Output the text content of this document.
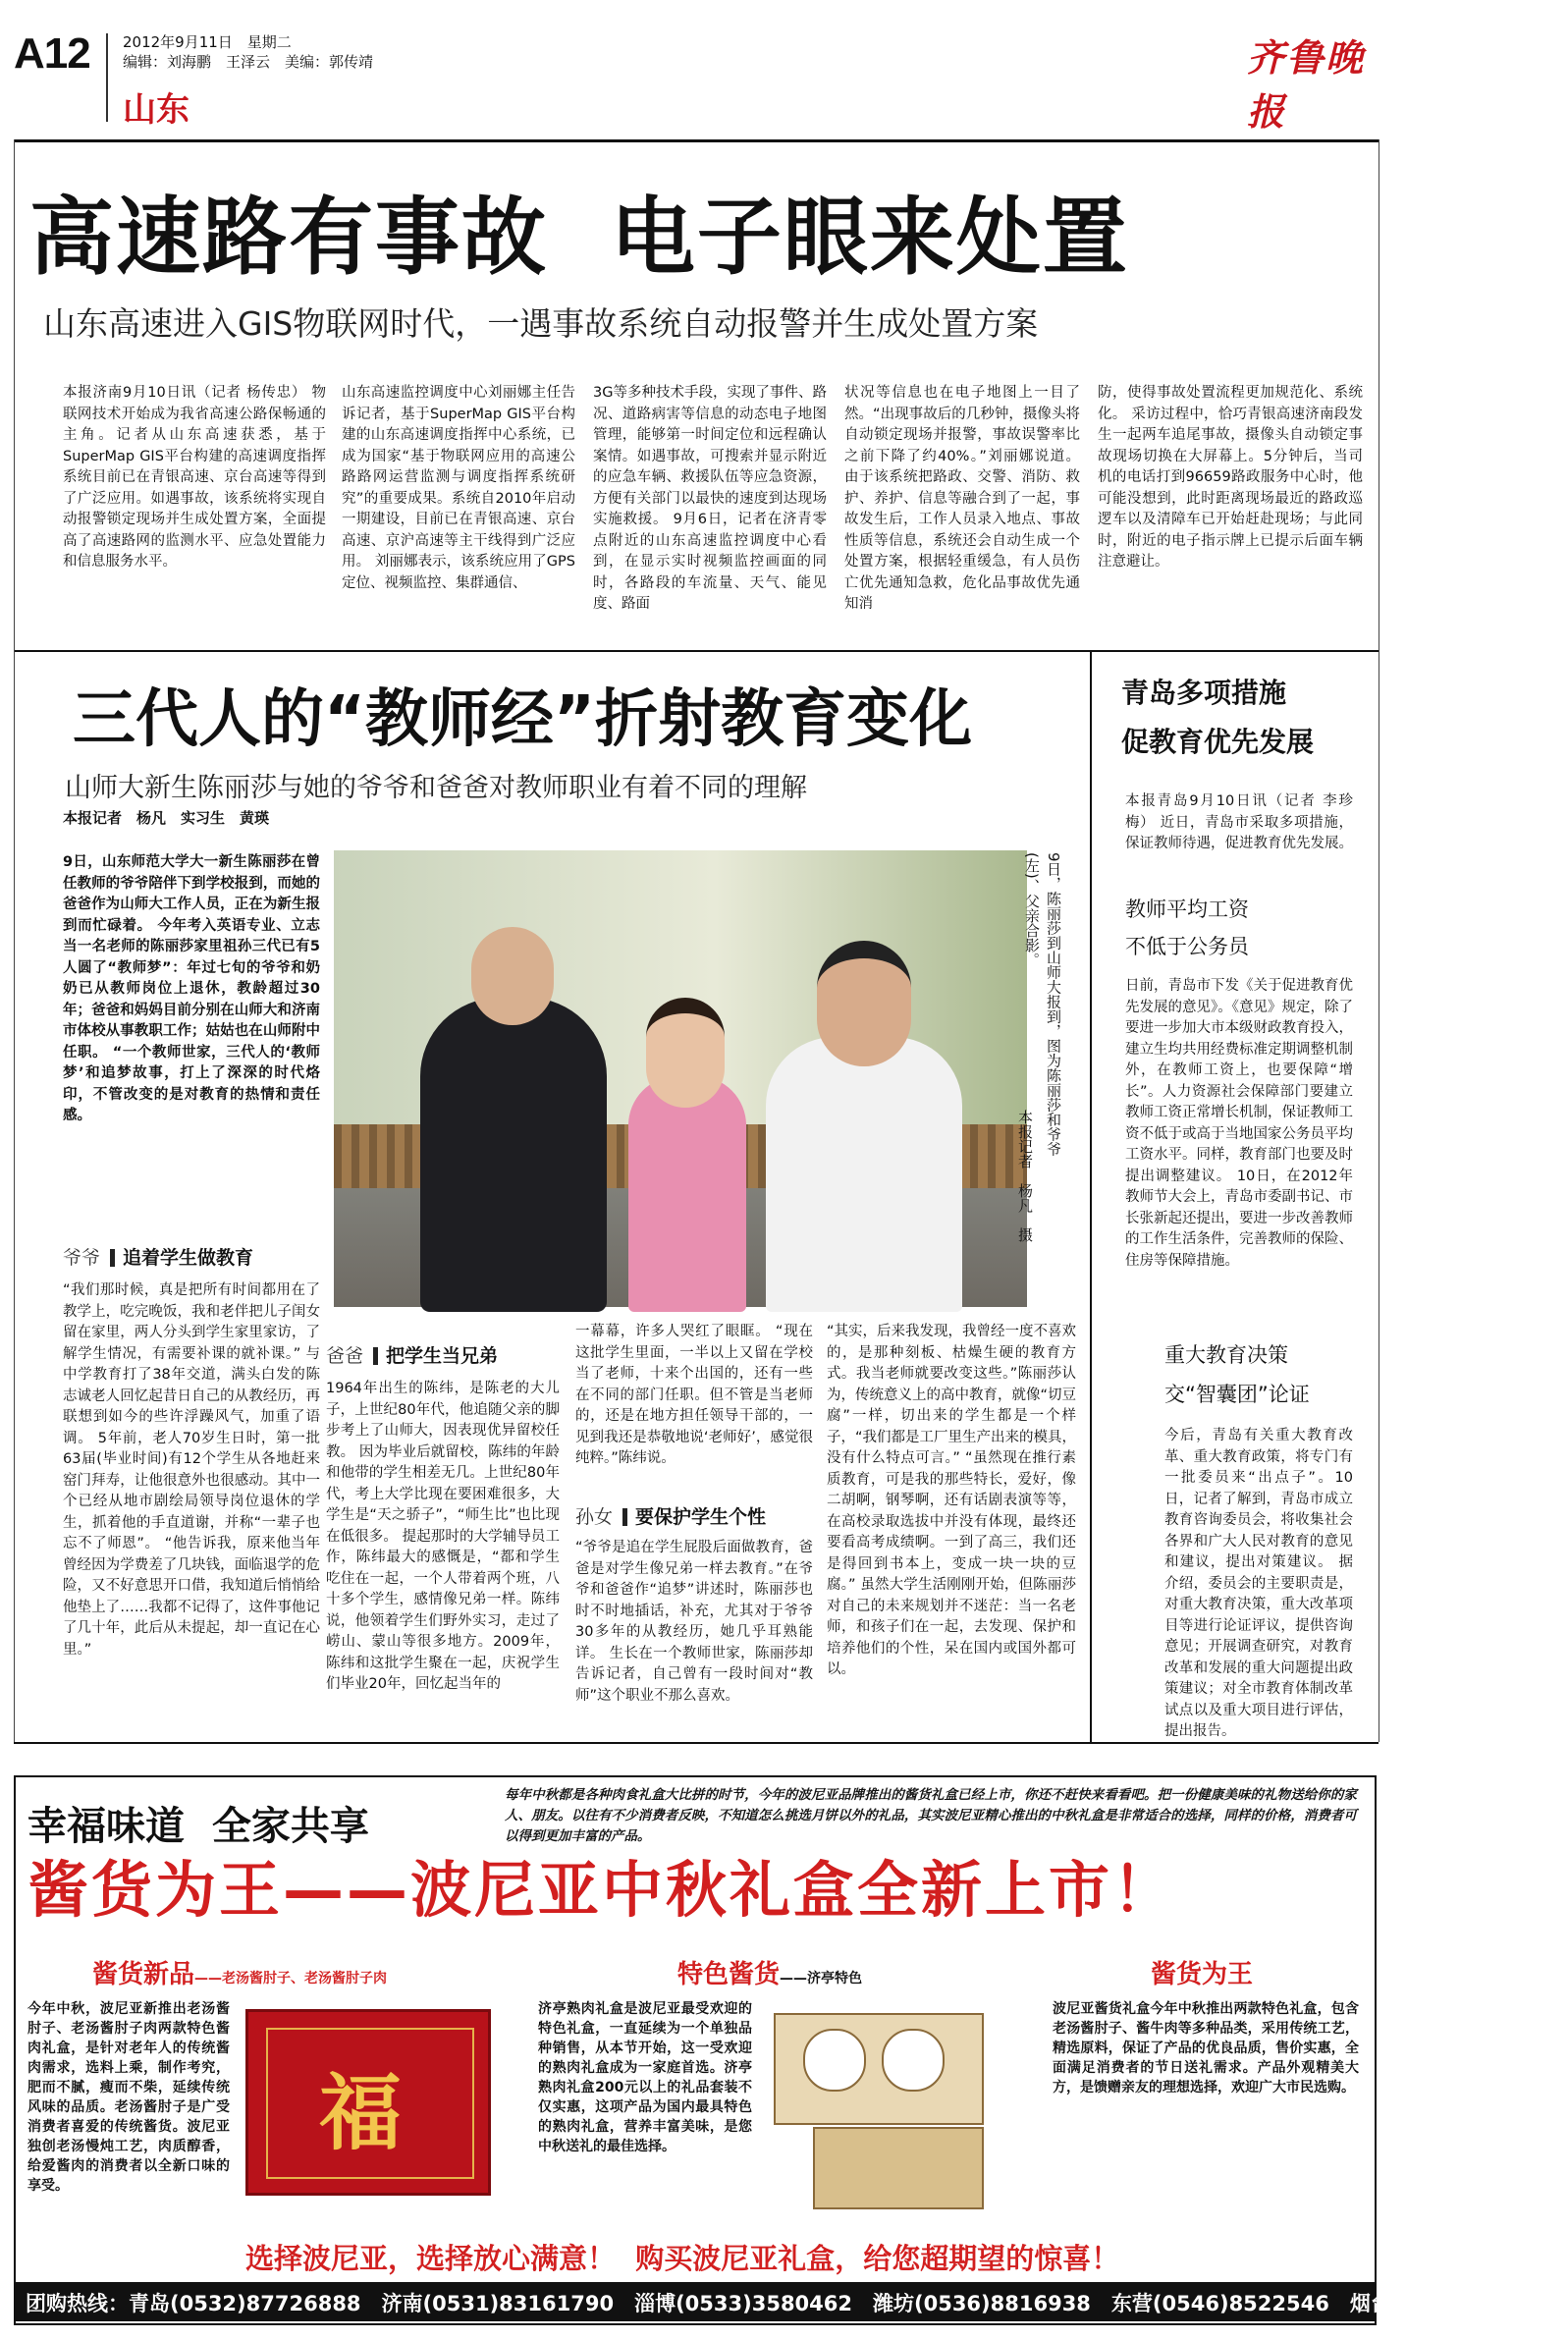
A12 2012年9月11日　星期二
编辑：刘海鹏　王泽云　美编：郭传靖
山东
齐鲁晚报
高速路有事故  电子眼来处置
山东高速进入GIS物联网时代，一遇事故系统自动报警并生成处置方案
本报济南9月10日讯（记者 杨传忠） 物联网技术开始成为我省高速公路保畅通的主角。记者从山东高速获悉，基于SuperMap GIS平台构建的高速调度指挥系统目前已在青银高速、京台高速等得到了广泛应用。如遇事故，该系统将实现自动报警锁定现场并生成处置方案，全面提高了高速路网的监测水平、应急处置能力和信息服务水平。
山东高速监控调度中心刘丽娜主任告诉记者，基于SuperMap GIS平台构建的山东高速调度指挥中心系统，已成为国家“基于物联网应用的高速公路路网运营监测与调度指挥系统研究”的重要成果。系统自2010年启动一期建设，目前已在青银高速、京台高速、京沪高速等主干线得到广泛应用。 刘丽娜表示，该系统应用了GPS定位、视频监控、集群通信、
3G等多种技术手段，实现了事件、路况、道路病害等信息的动态电子地图管理，能够第一时间定位和远程确认案情。如遇事故，可搜索并显示附近的应急车辆、救援队伍等应急资源，方便有关部门以最快的速度到达现场实施救援。 9月6日，记者在济青零点附近的山东高速监控调度中心看到，在显示实时视频监控画面的同时，各路段的车流量、天气、能见度、路面
状况等信息也在电子地图上一目了然。“出现事故后的几秒钟，摄像头将自动锁定现场并报警，事故误警率比之前下降了约40%。”刘丽娜说道。 由于该系统把路政、交警、消防、救护、养护、信息等融合到了一起，事故发生后，工作人员录入地点、事故性质等信息，系统还会自动生成一个处置方案，根据轻重缓急，有人员伤亡优先通知急救，危化品事故优先通知消
防，使得事故处置流程更加规范化、系统化。 采访过程中，恰巧青银高速济南段发生一起两车追尾事故，摄像头自动锁定事故现场切换在大屏幕上。5分钟后，当司机的电话打到96659路政服务中心时，他可能没想到，此时距离现场最近的路政巡逻车以及清障车已开始赶赴现场；与此同时，附近的电子指示牌上已提示后面车辆注意避让。
三代人的“教师经”折射教育变化
山师大新生陈丽莎与她的爷爷和爸爸对教师职业有着不同的理解
本报记者　杨凡　实习生　黄瑛
9日，山东师范大学大一新生陈丽莎在曾任教师的爷爷陪伴下到学校报到，而她的爸爸作为山师大工作人员，正在为新生报到而忙碌着。 今年考入英语专业、立志当一名老师的陈丽莎家里祖孙三代已有5人圆了“教师梦”：年过七旬的爷爷和奶奶已从教师岗位上退休，教龄超过30年；爸爸和妈妈目前分别在山师大和济南市体校从事教职工作；姑姑也在山师附中任职。 “一个教师世家，三代人的‘教师梦’和追梦故事，打上了深深的时代烙印，不管改变的是对教育的热情和责任感。	9日，陈丽莎到山师大报到，图为陈丽莎和爷爷(左)、父亲合影。
本报记者　杨凡　摄
爷爷 追着学生做教育
“我们那时候，真是把所有时间都用在了教学上，吃完晚饭，我和老伴把儿子闺女留在家里，两人分头到学生家里家访，了解学生情况，有需要补课的就补课。” 与中学教育打了38年交道，满头白发的陈志诚老人回忆起昔日自己的从教经历，再联想到如今的些许浮躁风气，加重了语调。 5年前，老人70岁生日时，第一批63届(毕业时间)有12个学生从各地赶来窑门拜寿，让他很意外也很感动。其中一个已经从地市剧绘局领导岗位退休的学生，抓着他的手直道谢，并称“一辈子也忘不了师恩”。 “他告诉我，原来他当年曾经因为学费差了几块钱，面临退学的危险，又不好意思开口借，我知道后悄悄给他垫上了……我都不记得了，这件事他记了几十年，此后从未提起，却一直记在心里。”
爸爸 把学生当兄弟
1964年出生的陈纬，是陈老的大儿子，上世纪80年代，他追随父亲的脚步考上了山师大，因表现优异留校任教。 因为毕业后就留校，陈纬的年龄和他带的学生相差无几。上世纪80年代，考上大学比现在要困难很多，大学生是“天之骄子”，“师生比”也比现在低很多。 提起那时的大学辅导员工作，陈纬最大的感慨是，“都和学生吃住在一起，一个人带着两个班，八十多个学生，感情像兄弟一样。陈纬说，他领着学生们野外实习，走过了崂山、蒙山等很多地方。2009年，陈纬和这批学生聚在一起，庆祝学生们毕业20年，回忆起当年的
一幕幕，许多人哭红了眼眶。 “现在这批学生里面，一半以上又留在学校当了老师，十来个出国的，还有一些在不同的部门任职。但不管是当老师的，还是在地方担任领导干部的，一见到我还是恭敬地说‘老师好’，感觉很纯粹。”陈纬说。
孙女 要保护学生个性
“爷爷是追在学生屁股后面做教育，爸爸是对学生像兄弟一样去教育。”在爷爷和爸爸作“追梦”讲述时，陈丽莎也时不时地插话，补充，尤其对于爷爷30多年的从教经历，她几乎耳熟能详。 生长在一个教师世家，陈丽莎却告诉记者，自己曾有一段时间对“教师”这个职业不那么喜欢。
“其实，后来我发现，我曾经一度不喜欢的，是那种刻板、枯燥生硬的教育方式。我当老师就要改变这些。”陈丽莎认为，传统意义上的高中教育，就像“切豆腐”一样，切出来的学生都是一个样子，“我们都是工厂里生产出来的模具，没有什么特点可言。” “虽然现在推行素质教育，可是我的那些特长，爱好，像二胡啊，钢琴啊，还有话剧表演等等，在高校录取选拔中并没有体现，最终还要看高考成绩啊。一到了高三，我们还是得回到书本上，变成一块一块的豆腐。” 虽然大学生活刚刚开始，但陈丽莎对自己的未来规划并不迷茫：当一名老师，和孩子们在一起，去发现、保护和培养他们的个性，呆在国内或国外都可以。
青岛多项措施
促教育优先发展
本报青岛9月10日讯（记者 李珍梅） 近日，青岛市采取多项措施，保证教师待遇，促进教育优先发展。
教师平均工资
不低于公务员
日前，青岛市下发《关于促进教育优先发展的意见》。《意见》规定，除了要进一步加大市本级财政教育投入，建立生均共用经费标准定期调整机制外，在教师工资上，也要保障“增长”。人力资源社会保障部门要建立教师工资正常增长机制，保证教师工资不低于或高于当地国家公务员平均工资水平。同样，教育部门也要及时提出调整建议。 10日，在2012年教师节大会上，青岛市委副书记、市长张新起还提出，要进一步改善教师的工作生活条件，完善教师的保险、住房等保障措施。
重大教育决策
交“智囊团”论证
今后，青岛有关重大教育改革、重大教育政策，将专门有一批委员来“出点子”。10日，记者了解到，青岛市成立教育咨询委员会，将收集社会各界和广大人民对教育的意见和建议，提出对策建议。 据介绍，委员会的主要职责是，对重大教育决策，重大改革项目等进行论证评议，提供咨询意见；开展调查研究，对教育改革和发展的重大问题提出政策建议；对全市教育体制改革试点以及重大项目进行评估，提出报告。
幸福味道  全家共享
每年中秋都是各种肉食礼盒大比拼的时节，今年的波尼亚品牌推出的酱货礼盒已经上市，你还不赶快来看看吧。把一份健康美味的礼物送给你的家人、朋友。以往有不少消费者反映，不知道怎么挑选月饼以外的礼品，其实波尼亚精心推出的中秋礼盒是非常适合的选择，同样的价格，消费者可以得到更加丰富的产品。
酱货为王——波尼亚中秋礼盒全新上市！
酱货新品——老汤酱肘子、老汤酱肘子肉
今年中秋，波尼亚新推出老汤酱肘子、老汤酱肘子肉两款特色酱肉礼盒，是针对老年人的传统酱肉需求，选料上乘，制作考究，肥而不腻，瘦而不柴，延续传统风味的品质。老汤酱肘子是广受消费者喜爱的传统酱货。波尼亚独创老汤慢炖工艺，肉质醇香，给爱酱肉的消费者以全新口味的享受。
福
特色酱货——济亭特色
济亭熟肉礼盒是波尼亚最受欢迎的特色礼盒，一直延续为一个单独品种销售，从本节开始，这一受欢迎的熟肉礼盒成为一家庭首选。济亭熟肉礼盒200元以上的礼品套装不仅实惠，这项产品为国内最具特色的熟肉礼盒，营养丰富美味，是您中秋送礼的最佳选择。
酱货为王
波尼亚酱货礼盒今年中秋推出两款特色礼盒，包含老汤酱肘子、酱牛肉等多种品类，采用传统工艺，精选原料，保证了产品的优良品质，售价实惠，全面满足消费者的节日送礼需求。产品外观精美大方，是馈赠亲友的理想选择，欢迎广大市民选购。
选择波尼亚，选择放心满意！  购买波尼亚礼盒，给您超期望的惊喜！
团购热线：青岛(0532)87726888　济南(0531)83161790　淄博(0533)3580462　潍坊(0536)8816938　东营(0546)8522546　烟台(0535)6805771
